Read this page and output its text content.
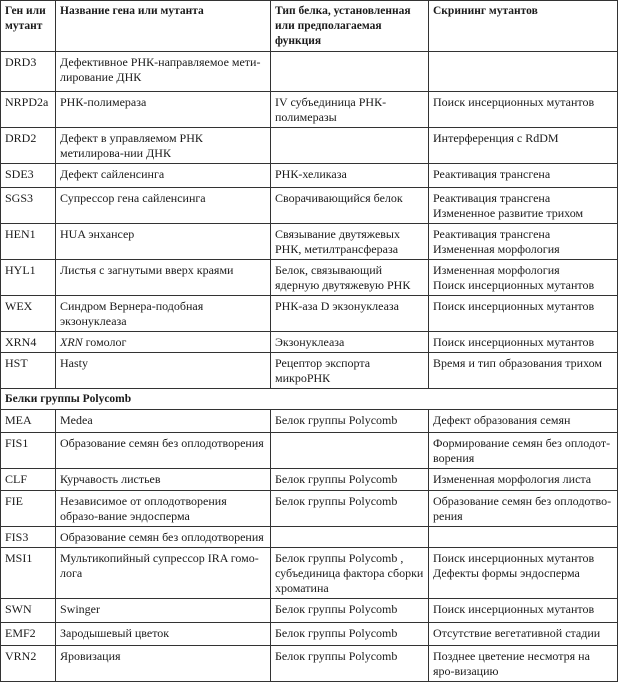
Ген или мутант	Название гена или мутанта	Тип белка, установленная или предполагаемая функция	Скрининг мутантов
DRD3	Дефективное РНК-направляемое мети-лирование ДНК		
NRPD2a	РНК-полимераза	IV субъединица РНК-полимеразы	Поиск инсерционных мутантов

DRD2	Дефект в управляемом РНК метилирова-нии ДНК		Интерференция с RdDM

SDE3	Дефект сайленсинга	РНК-хеликаза	Реактивация трансгена

SGS3	Супрессор гена сайленсинга	Сворачивающийся белок	Реактивация трансгена
Измененное развитие трихом

HEN1	HUA энхансер	Связывание двутяжевых РНК, метилтрансфераза	Реактивация трансгена
Измененная морфология

HYL1	Листья с загнутыми вверх краями	Белок, связывающий ядерную двутяжевую РНК	Измененная морфология
Поиск инсерционных мутантов

WEX	Синдром Вернера-подобная экзонуклеаза	РНК-аза D экзонуклеаза	Поиск инсерционных мутантов

XRN4	XRN гомолог	Экзонуклеаза	Поиск инсерционных мутантов

HST	Hasty	Рецептор экспорта микроРНК	Время и тип образования трихом

Белки группы Polycomb			
MEA	Medea	Белок группы Polycomb	Дефект образования семян

FIS1	Образование семян без оплодотворения		Формирование семян без оплодот-ворения

CLF	Курчавость листьев	Белок группы Polycomb	Измененная морфология листа

FIE	Независимое от оплодотворения образо-вание эндосперма	Белок группы Polycomb	Образование семян без оплодотво-рения

FIS3	Образование семян без оплодотворения		
MSI1	Мультикопийный супрессор IRA гомо-лога	Белок группы Polycomb , субъединица фактора сборки хроматина	Поиск инсерционных мутантов
Дефекты формы эндосперма

SWN	Swinger	Белок группы Polycomb	Поиск инсерционных мутантов

EMF2	Зародышевый цветок	Белок группы Polycomb	Отсутствие вегетативной стадии

VRN2	Яровизация	Белок группы Polycomb	Позднее цветение несмотря на яро-визацию
